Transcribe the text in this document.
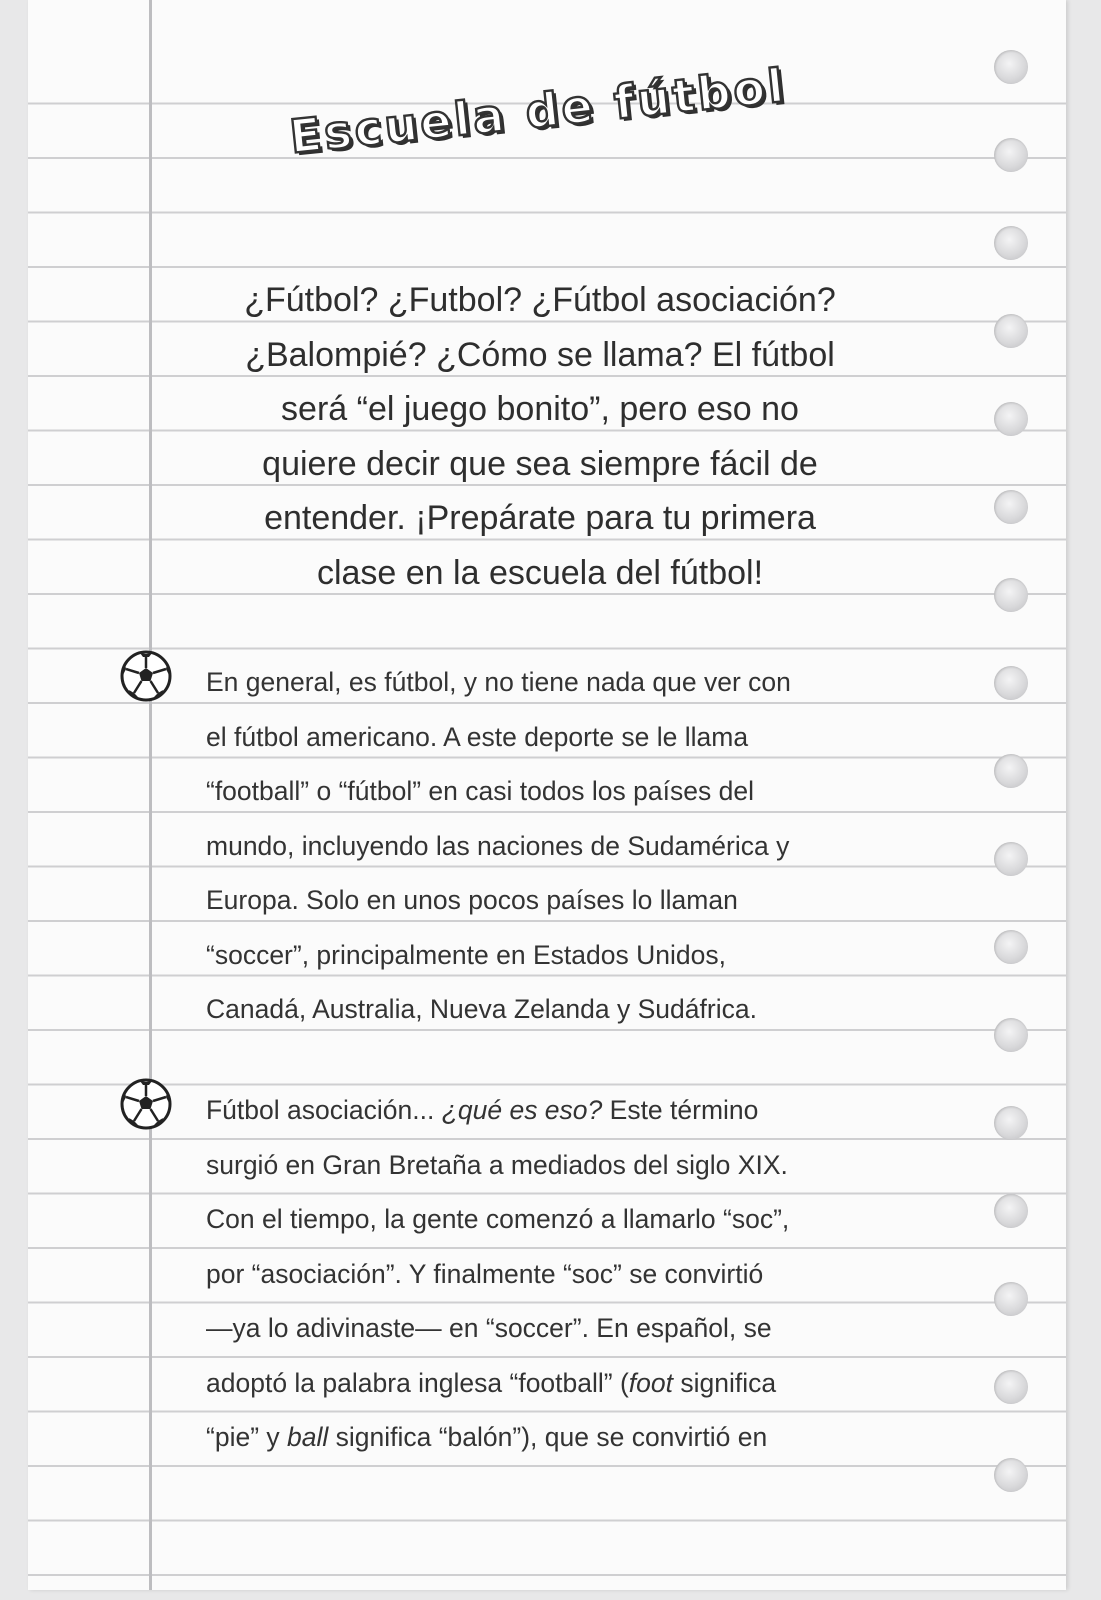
Escuela de fútbol
¿Fútbol? ¿Futbol? ¿Fútbol asociación?
¿Balompié? ¿Cómo se llama? El fútbol
será “el juego bonito”, pero eso no
quiere decir que sea siempre fácil de
entender. ¡Prepárate para tu primera
clase en la escuela del fútbol!

En general, es fútbol, y no tiene nada que ver con

el fútbol americano. A este deporte se le llama

“football” o “fútbol” en casi todos los países del

mundo, incluyendo las naciones de Sudamérica y

Europa. Solo en unos pocos países lo llaman

“soccer”, principalmente en Estados Unidos,

Canadá, Australia, Nueva Zelanda y Sudáfrica.

Fútbol asociación... ¿qué es eso? Este término

surgió en Gran Bretaña a mediados del siglo XIX.

Con el tiempo, la gente comenzó a llamarlo “soc”,

por “asociación”. Y finalmente “soc” se convirtió

—ya lo adivinaste— en “soccer”. En español, se

adoptó la palabra inglesa “football” (foot significa

“pie” y ball significa “balón”), que se convirtió en
